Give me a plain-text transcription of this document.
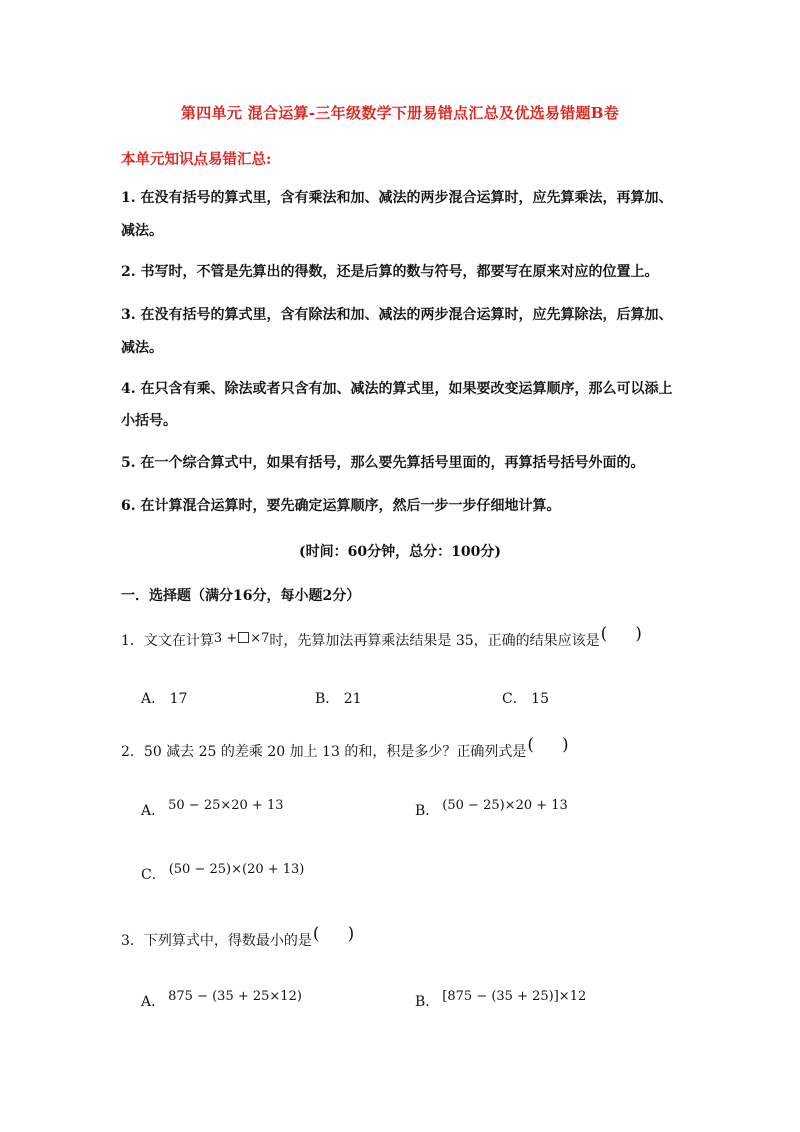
第四单元 混合运算-三年级数学下册易错点汇总及优选易错题B卷
本单元知识点易错汇总:
1. 在没有括号的算式里，含有乘法和加、减法的两步混合运算时，应先算乘法，再算加、
减法。
2. 书写时，不管是先算出的得数，还是后算的数与符号，都要写在原来对应的位置上。
3. 在没有括号的算式里，含有除法和加、减法的两步混合运算时，应先算除法，后算加、
减法。
4. 在只含有乘、除法或者只含有加、减法的算式里，如果要改变运算顺序，那么可以添上
小括号。
5. 在一个综合算式中，如果有括号，那么要先算括号里面的，再算括号括号外面的。
6. 在计算混合运算时，要先确定运算顺序，然后一步一步仔细地计算。
(时间：60分钟，总分：100分)
一．选择题（满分16分，每小题2分）
1．文文在计算3 + ×7时，先算加法再算乘法结果是 35，正确的结果应该是( )
A． 17	B． 21	C． 15
2．50 减去 25 的差乘 20 加上 13 的和，积是多少？正确列式是( )
A． 50 − 25×20 + 13	B． (50 − 25)×20 + 13
C． (50 − 25)×(20 + 13)
3．下列算式中，得数最小的是( )
A． 875 − (35 + 25×12)	B． [875 − (35 + 25)]×12
